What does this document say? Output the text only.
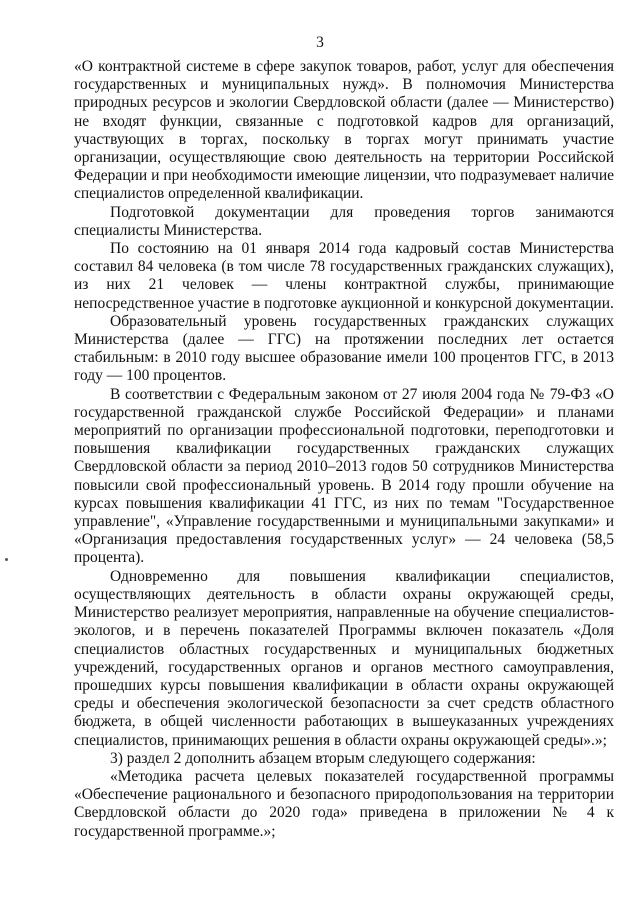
3

«О контрактной системе в сфере закупок товаров, работ, услуг для обеспечения государственных и муниципальных нужд». В полномочия Министерства природных ресурсов и экологии Свердловской области (далее — Министерство) не входят функции, связанные с подготовкой кадров для организаций, участвующих в торгах, поскольку в торгах могут принимать участие организации, осуществляющие свою деятельность на территории Российской Федерации и при необходимости имеющие лицензии, что подразумевает наличие специалистов определенной квалификации.

Подготовкой документации для проведения торгов занимаются специалисты Министерства.

По состоянию на 01 января 2014 года кадровый состав Министерства составил 84 человека (в том числе 78 государственных гражданских служащих), из них 21 человек — члены контрактной службы, принимающие непосредственное участие в подготовке аукционной и конкурсной документации.

Образовательный уровень государственных гражданских служащих Министерства (далее — ГГС) на протяжении последних лет остается стабильным: в 2010 году высшее образование имели 100 процентов ГГС, в 2013 году — 100 процентов.

В соответствии с Федеральным законом от 27 июля 2004 года № 79-ФЗ «О государственной гражданской службе Российской Федерации» и планами мероприятий по организации профессиональной подготовки, переподготовки и повышения квалификации государственных гражданских служащих Свердловской области за период 2010–2013 годов 50 сотрудников Министерства повысили свой профессиональный уровень. В 2014 году прошли обучение на курсах повышения квалификации 41 ГГС, из них по темам "Государственное управление", «Управление государственными и муниципальными закупками» и «Организация предоставления государственных услуг» — 24 человека (58,5 процента).

Одновременно для повышения квалификации специалистов, осуществляющих деятельность в области охраны окружающей среды, Министерство реализует мероприятия, направленные на обучение специалистов-экологов, и в перечень показателей Программы включен показатель «Доля специалистов областных государственных и муниципальных бюджетных учреждений, государственных органов и органов местного самоуправления, прошедших курсы повышения квалификации в области охраны окружающей среды и обеспечения экологической безопасности за счет средств областного бюджета, в общей численности работающих в вышеуказанных учреждениях специалистов, принимающих решения в области охраны окружающей среды».»;

3) раздел 2 дополнить абзацем вторым следующего содержания:

«Методика расчета целевых показателей государственной программы «Обеспечение рационального и безопасного природопользования на территории Свердловской области до 2020 года» приведена в приложении № 4 к государственной программе.»;
